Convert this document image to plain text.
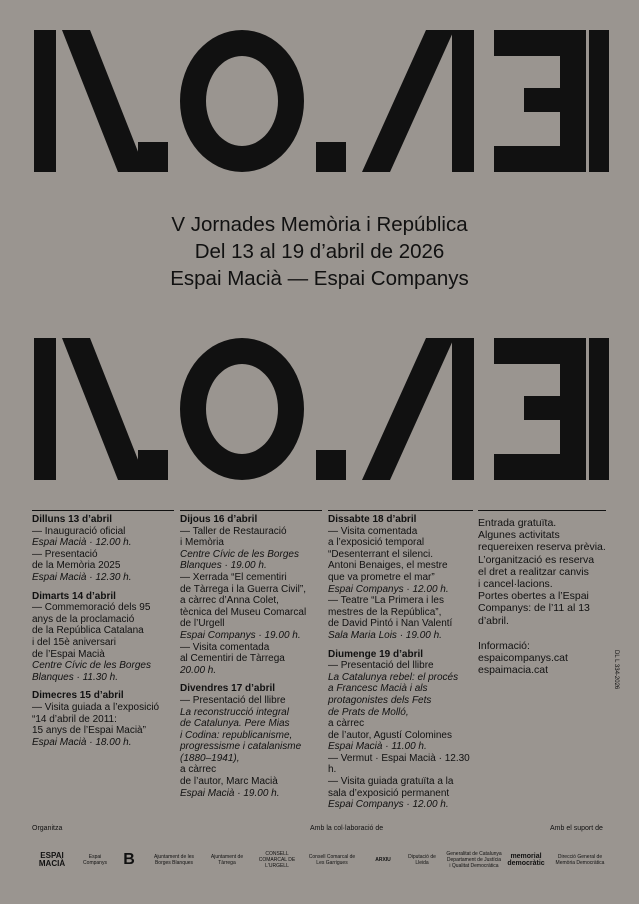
V Jornades Memòria i República
Del 13 al 19 d’abril de 2026
Espai Macià — Espai Companys
Dilluns 13 d’abril
— Inauguració oficial
Espai Macià · 12.00 h.
— Presentació
de la Memòria 2025
Espai Macià · 12.30 h.
Dimarts 14 d’abril
— Commemoració dels 95
anys de la proclamació
de la República Catalana
i del 15è aniversari
de l’Espai Macià
Centre Cívic de les Borges
Blanques · 11.30 h.
Dimecres 15 d’abril
— Visita guiada a l’exposició
“14 d’abril de 2011:
15 anys de l’Espai Macià”
Espai Macià · 18.00 h.
Dijous 16 d’abril
— Taller de Restauració
i Memòria
Centre Cívic de les Borges
Blanques · 19.00 h.
— Xerrada “El cementiri
de Tàrrega i la Guerra Civil”,
a càrrec d’Anna Colet,
tècnica del Museu Comarcal
de l’Urgell
Espai Companys · 19.00 h.
— Visita comentada
al Cementiri de Tàrrega
20.00 h.
Divendres 17 d’abril
— Presentació del llibre
La reconstrucció integral
de Catalunya. Pere Mias
i Codina: republicanisme,
progressisme i catalanisme
(1880–1941),
a càrrec
de l’autor, Marc Macià
Espai Macià · 19.00 h.
Dissabte 18 d’abril
— Visita comentada
a l’exposició temporal
“Desenterrant el silenci.
Antoni Benaiges, el mestre
que va prometre el mar”
Espai Companys · 12.00 h.
— Teatre “La Primera i les
mestres de la República”,
de David Pintó i Nan Valentí
Sala Maria Lois · 19.00 h.
Diumenge 19 d’abril
— Presentació del llibre
La Catalunya rebel: el procés
a Francesc Macià i als
protagonistes dels Fets
de Prats de Molló,
a càrrec
de l’autor, Agustí Colomines
Espai Macià · 11.00 h.
— Vermut · Espai Macià · 12.30 h.
— Visita guiada gratuïta a la
sala d’exposició permanent
Espai Companys · 12.00 h.
Entrada gratuïta.
Algunes activitats
requereixen reserva prèvia.
L’organització es reserva
el dret a realitzar canvis
i cancel·lacions.
Portes obertes a l’Espai
Companys: de l’11 al 13 d’abril.
Informació:
espaicompanys.cat
espaimacia.cat	DL L 334-2026
Organitza	Amb la col·laboració de	Amb el suport de
ESPAI MACIÀ
Espai Companys	B	Ajuntament de les Borges Blanques
Ajuntament de Tàrrega
CONSELL COMARCAL DE L'URGELL
Consell Comarcal de Les Garrigues	ARXIU	Diputació de Lleida
Generalitat de Catalunya Departament de Justícia i Qualitat Democràtica
memorial democràtic
Direcció General de Memòria Democràtica
